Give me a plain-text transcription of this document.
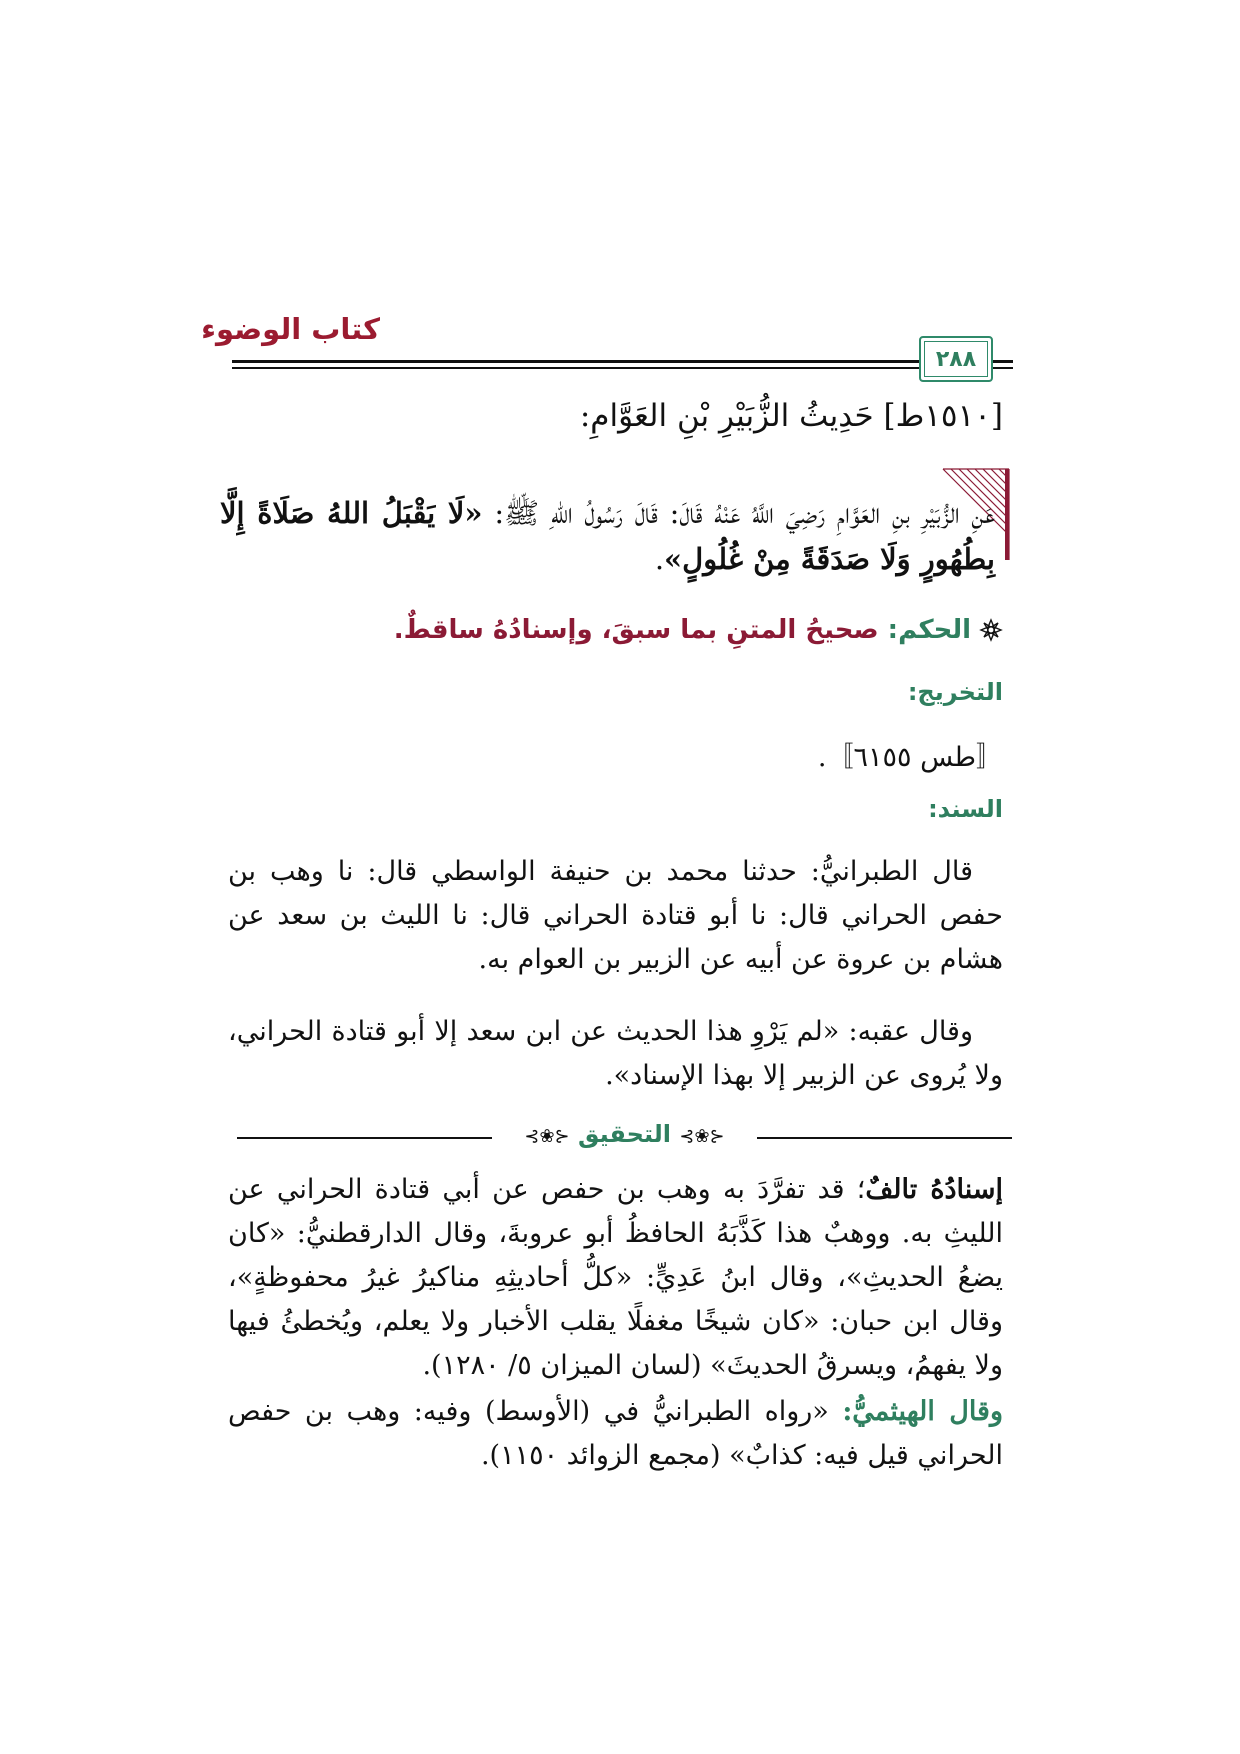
كتاب الوضوء
٢٨٨
[١٥١٠ط] حَدِيثُ الزُّبَيْرِ بْنِ العَوَّامِ:
عَنِ الزُّبَيْرِ بنِ العَوَّامِ رَضِيَ اللَّهُ عَنْهُ قَالَ: قَالَ رَسُولُ اللهِ ﷺ: «لَا يَقْبَلُ اللهُ صَلَاةً إِلَّا بِطُهُورٍ وَلَا صَدَقَةً مِنْ غُلُولٍ».
الحكم: صحيحُ المتنِ بما سبقَ، وإسنادُهُ ساقطٌ.
التخريج:
〚طس ٦١٥٥〛.
السند:
قال الطبرانيُّ: حدثنا محمد بن حنيفة الواسطي قال: نا وهب بن حفص الحراني قال: نا أبو قتادة الحراني قال: نا الليث بن سعد عن هشام بن عروة عن أبيه عن الزبير بن العوام به.
وقال عقبه: «لم يَرْوِ هذا الحديث عن ابن سعد إلا أبو قتادة الحراني، ولا يُروى عن الزبير إلا بهذا الإسناد».
⊰❀⊱ التحقيق ⊰❀⊱
إسنادُهُ تالفٌ؛ قد تفرَّدَ به وهب بن حفص عن أبي قتادة الحراني عن الليثِ به. ووهبٌ هذا كَذَّبَهُ الحافظُ أبو عروبةَ، وقال الدارقطنيُّ: «كان يضعُ الحديثِ»، وقال ابنُ عَدِيٍّ: «كلُّ أحاديثِهِ مناكيرُ غيرُ محفوظةٍ»، وقال ابن حبان: «كان شيخًا مغفلًا يقلب الأخبار ولا يعلم، ويُخطئُ فيها ولا يفهمُ، ويسرقُ الحديثَ» (لسان الميزان ٥/ ١٢٨٠).
وقال الهيثميُّ: «رواه الطبرانيُّ في (الأوسط) وفيه: وهب بن حفص الحراني قيل فيه: كذابٌ» (مجمع الزوائد ١١٥٠).
